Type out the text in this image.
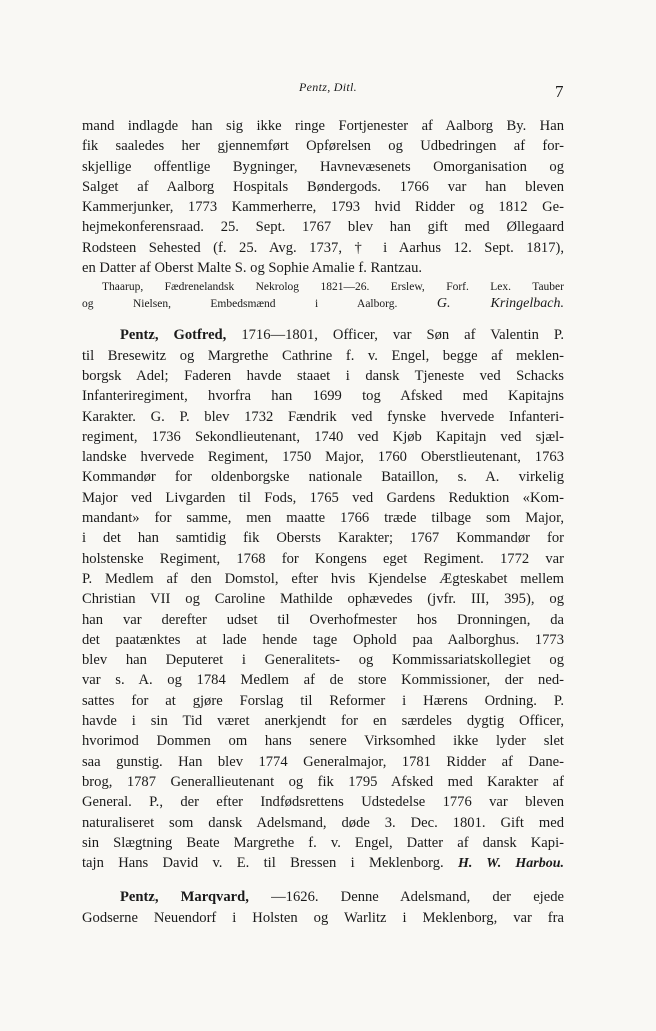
Pentz, Ditl.	7
mand indlagde han sig ikke ringe Fortjenester af Aalborg By. Han
fik saaledes her gjennemført Opførelsen og Udbedringen af for-
skjellige offentlige Bygninger, Havnevæsenets Omorganisation og
Salget af Aalborg Hospitals Bøndergods. 1766 var han bleven
Kammerjunker, 1773 Kammerherre, 1793 hvid Ridder og 1812 Ge-
hejmekonferensraad. 25. Sept. 1767 blev han gift med Øllegaard
Rodsteen Sehested (f. 25. Avg. 1737, † i Aarhus 12. Sept. 1817),
en Datter af Oberst Malte S. og Sophie Amalie f. Rantzau.
Thaarup, Fædrenelandsk Nekrolog 1821—26. Erslew, Forf. Lex. Tauber
og Nielsen, Embedsmænd i Aalborg.	G. Kringelbach.
Pentz, Gotfred, 1716—1801, Officer, var Søn af Valentin P.
til Bresewitz og Margrethe Cathrine f. v. Engel, begge af meklen-
borgsk Adel; Faderen havde staaet i dansk Tjeneste ved Schacks
Infanteriregiment, hvorfra han 1699 tog Afsked med Kapitajns
Karakter. G. P. blev 1732 Fændrik ved fynske hvervede Infanteri-
regiment, 1736 Sekondlieutenant, 1740 ved Kjøb Kapitajn ved sjæl-
landske hvervede Regiment, 1750 Major, 1760 Oberstlieutenant, 1763
Kommandør for oldenborgske nationale Bataillon, s. A. virkelig
Major ved Livgarden til Fods, 1765 ved Gardens Reduktion «Kom-
mandant» for samme, men maatte 1766 træde tilbage som Major,
i det han samtidig fik Obersts Karakter; 1767 Kommandør for
holstenske Regiment, 1768 for Kongens eget Regiment. 1772 var
P. Medlem af den Domstol, efter hvis Kjendelse Ægteskabet mellem
Christian VII og Caroline Mathilde ophævedes (jvfr. III, 395), og
han var derefter udset til Overhofmester hos Dronningen, da
det paatænktes at lade hende tage Ophold paa Aalborghus. 1773
blev han Deputeret i Generalitets- og Kommissariatskollegiet og
var s. A. og 1784 Medlem af de store Kommissioner, der ned-
sattes for at gjøre Forslag til Reformer i Hærens Ordning. P.
havde i sin Tid været anerkjendt for en særdeles dygtig Officer,
hvorimod Dommen om hans senere Virksomhed ikke lyder slet
saa gunstig. Han blev 1774 Generalmajor, 1781 Ridder af Dane-
brog, 1787 Generallieutenant og fik 1795 Afsked med Karakter af
General. P., der efter Indfødsrettens Udstedelse 1776 var bleven
naturaliseret som dansk Adelsmand, døde 3. Dec. 1801. Gift med
sin Slægtning Beate Margrethe f. v. Engel, Datter af dansk Kapi-
tajn Hans David v. E. til Bressen i Meklenborg. H. W. Harbou.
Pentz, Marqvard, —1626. Denne Adelsmand, der ejede
Godserne Neuendorf i Holsten og Warlitz i Meklenborg, var fra
